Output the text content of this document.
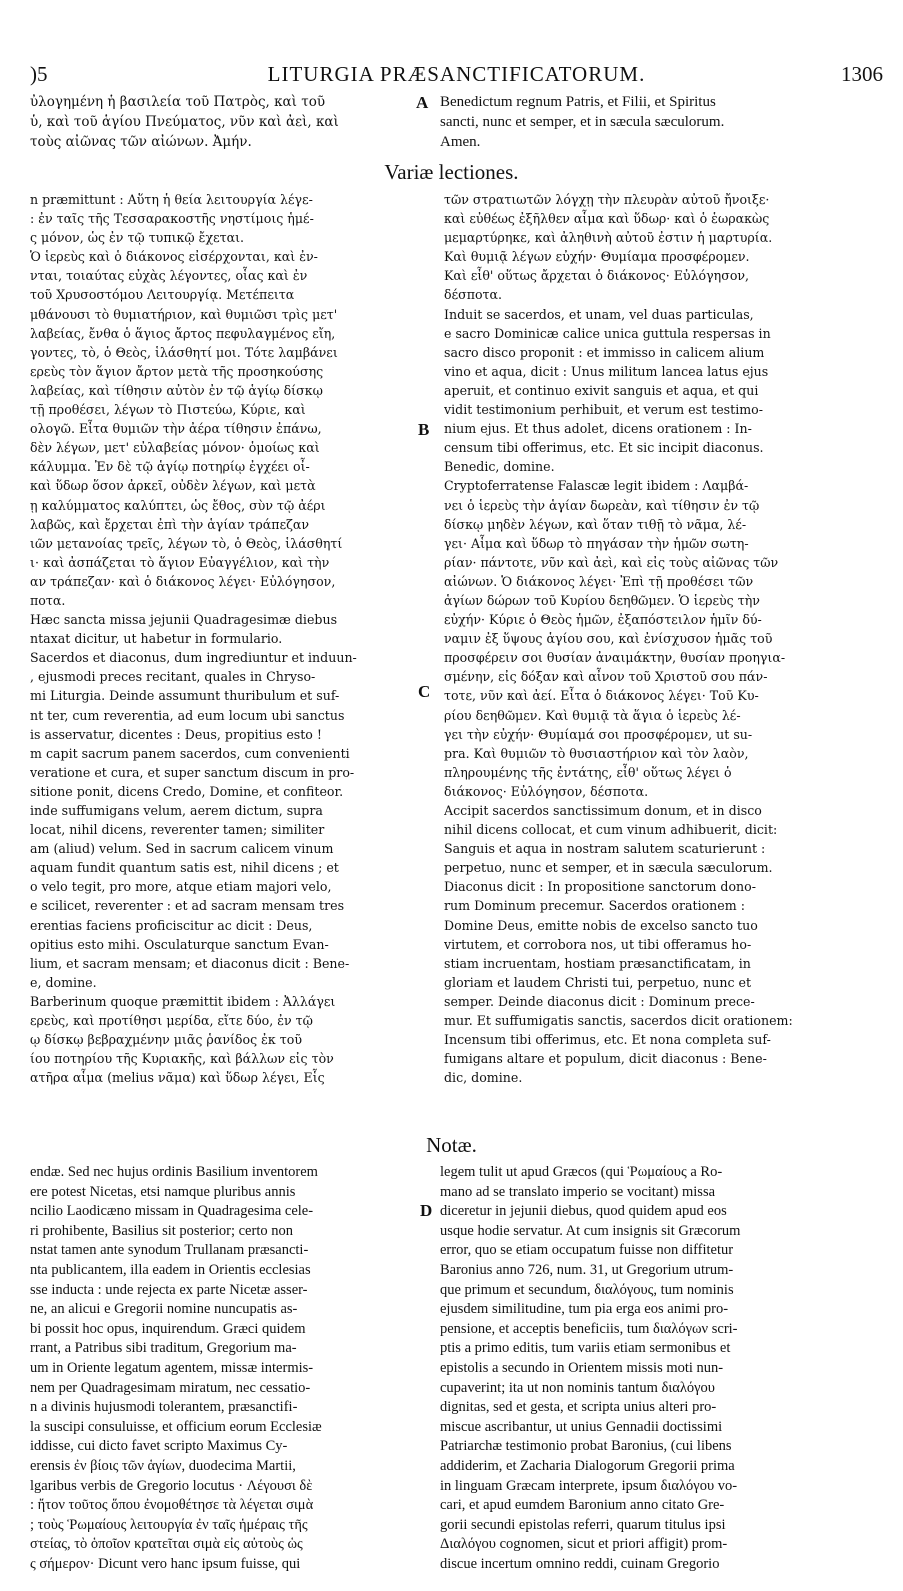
)5	LITURGIA PRÆSANCTIFICATORUM.	1306
ὐλογημένη ἡ βασιλεία τοῦ Πατρὸς, καὶ τοῦ
ὑ, καὶ τοῦ ἁγίου Πνεύματος, νῦν καὶ ἀεὶ, καὶ
τοὺς αἰῶνας τῶν αἰώνων. Ἀμήν.
A Benedictum regnum Patris, et Filii, et Spiritus
sancti, nunc et semper, et in sæcula sæculorum.
Amen.
Variæ lectiones.
n præmittunt : Αὕτη ἡ θεία λειτουργία λέγε-
: ἐν ταῖς τῆς Τεσσαρακοστῆς νηστίμοις ἡμέ-
ς μόνον, ὡς ἐν τῷ τυπικῷ ἔχεται.
Ὁ ἱερεὺς καὶ ὁ διάκονος εἰσέρχονται, καὶ ἐν-
νται, τοιαύτας εὐχὰς λέγοντες, οἷας καὶ ἐν
τοῦ Χρυσοστόμου Λειτουργίᾳ. Μετέπειτα
μθάνουσι τὸ θυμιατήριον, καὶ θυμιῶσι τρὶς μετ'
λαβείας, ἔνθα ὁ ἅγιος ἄρτος πεφυλαγμένος εἴη,
γοντες, τὸ, ὁ Θεὸς, ἱλάσθητί μοι. Τότε λαμβάνει
ερεὺς τὸν ἅγιον ἄρτον μετὰ τῆς προσηκούσης
λαβείας, καὶ τίθησιν αὐτὸν ἐν τῷ ἁγίῳ δίσκῳ
τῇ προθέσει, λέγων τὸ Πιστεύω, Κύριε, καὶ
ολογῶ. Εἶτα θυμιῶν τὴν ἀέρα τίθησιν ἐπάνω,
δὲν λέγων, μετ' εὐλαβείας μόνον· ὁμοίως καὶ
κάλυμμα. Ἐν δὲ τῷ ἁγίῳ ποτηρίῳ ἐγχέει οἶ-
καὶ ὕδωρ ὅσον ἀρκεῖ, οὐδὲν λέγων, καὶ μετὰ
ῃ καλύμματος καλύπτει, ὡς ἔθος, σὺν τῷ ἀέρι
λαβῶς, καὶ ἔρχεται ἐπὶ τὴν ἁγίαν τράπεζαν
ιῶν μετανοίας τρεῖς, λέγων τὸ, ὁ Θεὸς, ἱλάσθητί
ι· καὶ ἀσπάζεται τὸ ἅγιον Εὐαγγέλιον, καὶ τὴν
αν τράπεζαν· καὶ ὁ διάκονος λέγει· Εὐλόγησον,
ποτα.
Hæc sancta missa jejunii Quadragesimæ diebus
ntaxat dicitur, ut habetur in formulario.
Sacerdos et diaconus, dum ingrediuntur et induun-
, ejusmodi preces recitant, quales in Chryso-
mi Liturgia. Deinde assumunt thuribulum et suf-
nt ter, cum reverentia, ad eum locum ubi sanctus
is asservatur, dicentes : Deus, propitius esto !
m capit sacrum panem sacerdos, cum convenienti
veratione et cura, et super sanctum discum in pro-
sitione ponit, dicens Credo, Domine, et confiteor.
inde suffumigans velum, aerem dictum, supra
locat, nihil dicens, reverenter tamen; similiter
am (aliud) velum. Sed in sacrum calicem vinum
aquam fundit quantum satis est, nihil dicens ; et
o velo tegit, pro more, atque etiam majori velo,
e scilicet, reverenter : et ad sacram mensam tres
erentias faciens proficiscitur ac dicit : Deus,
opitius esto mihi. Osculaturque sanctum Evan-
lium, et sacram mensam; et diaconus dicit : Bene-
e, domine.
Barberinum quoque præmittit ibidem : Ἀλλάγει
ερεὺς, καὶ προτίθησι μερίδα, εἴτε δύο, ἐν τῷ
ῳ δίσκῳ βεβραχμένην μιᾶς ῥανίδος ἐκ τοῦ
ίου ποτηρίου τῆς Κυριακῆς, καὶ βάλλων εἰς τὸν
ατῆρα αἷμα (melius νᾶμα) καὶ ὕδωρ λέγει, Εἷς
B
C
τῶν στρατιωτῶν λόγχῃ τὴν πλευρὰν αὐτοῦ ἤνοιξε·
καὶ εὐθέως ἐξῆλθεν αἷμα καὶ ὕδωρ· καὶ ὁ ἑωρακὼς
μεμαρτύρηκε, καὶ ἀληθινὴ αὐτοῦ ἐστιν ἡ μαρτυρία.
Καὶ θυμιᾷ λέγων εὐχήν· Θυμίαμα προσφέρομεν.
Καὶ εἶθ' οὕτως ἄρχεται ὁ διάκονος· Εὐλόγησον,
δέσποτα.
Induit se sacerdos, et unam, vel duas particulas,
e sacro Dominicæ calice unica guttula respersas in
sacro disco proponit : et immisso in calicem alium
vino et aqua, dicit : Unus militum lancea latus ejus
aperuit, et continuo exivit sanguis et aqua, et qui
vidit testimonium perhibuit, et verum est testimo-
nium ejus. Et thus adolet, dicens orationem : In-
censum tibi offerimus, etc. Et sic incipit diaconus.
Benedic, domine.
Cryptoferratense Falascæ legit ibidem : Λαμβά-
νει ὁ ἱερεὺς τὴν ἁγίαν δωρεὰν, καὶ τίθησιν ἐν τῷ
δίσκῳ μηδὲν λέγων, καὶ ὅταν τιθῇ τὸ νᾶμα, λέ-
γει· Αἷμα καὶ ὕδωρ τὸ πηγάσαν τὴν ἡμῶν σωτη-
ρίαν· πάντοτε, νῦν καὶ ἀεὶ, καὶ εἰς τοὺς αἰῶνας τῶν
αἰώνων. Ὁ διάκονος λέγει· Ἐπὶ τῇ προθέσει τῶν
ἁγίων δώρων τοῦ Κυρίου δεηθῶμεν. Ὁ ἱερεὺς τὴν
εὐχήν· Κύριε ὁ Θεὸς ἡμῶν, ἐξαπόστειλον ἡμῖν δύ-
ναμιν ἐξ ὕψους ἁγίου σου, καὶ ἐνίσχυσον ἡμᾶς τοῦ
προσφέρειν σοι θυσίαν ἀναιμάκτην, θυσίαν προηγια-
σμένην, εἰς δόξαν καὶ αἶνον τοῦ Χριστοῦ σου πάν-
τοτε, νῦν καὶ ἀεί. Εἶτα ὁ διάκονος λέγει· Τοῦ Κυ-
ρίου δεηθῶμεν. Καὶ θυμιᾷ τὰ ἅγια ὁ ἱερεὺς λέ-
γει τὴν εὐχήν· Θυμίαμά σοι προσφέρομεν, ut su-
pra. Καὶ θυμιῶν τὸ θυσιαστήριον καὶ τὸν λαὸν,
πληρουμένης τῆς ἐντάτης, εἶθ' οὕτως λέγει ὁ
διάκονος· Εὐλόγησον, δέσποτα.
Accipit sacerdos sanctissimum donum, et in disco
nihil dicens collocat, et cum vinum adhibuerit, dicit:
Sanguis et aqua in nostram salutem scaturierunt :
perpetuo, nunc et semper, et in sæcula sæculorum.
Diaconus dicit : In propositione sanctorum dono-
rum Dominum precemur. Sacerdos orationem :
Domine Deus, emitte nobis de excelso sancto tuo
virtutem, et corrobora nos, ut tibi offeramus ho-
stiam incruentam, hostiam præsanctificatam, in
gloriam et laudem Christi tui, perpetuo, nunc et
semper. Deinde diaconus dicit : Dominum prece-
mur. Et suffumigatis sanctis, sacerdos dicit orationem:
Incensum tibi offerimus, etc. Et nona completa suf-
fumigans altare et populum, dicit diaconus : Bene-
dic, domine.
Notæ.
endæ. Sed nec hujus ordinis Basilium inventorem
ere potest Nicetas, etsi namque pluribus annis
ncilio Laodicæno missam in Quadragesima cele-
ri prohibente, Basilius sit posterior; certo non
nstat tamen ante synodum Trullanam præsancti-
nta publicantem, illa eadem in Orientis ecclesias
sse inducta : unde rejecta ex parte Nicetæ asser-
ne, an alicui e Gregorii nomine nuncupatis as-
bi possit hoc opus, inquirendum. Græci quidem
rrant, a Patribus sibi traditum, Gregorium ma-
um in Oriente legatum agentem, missæ intermis-
nem per Quadragesimam miratum, nec cessatio-
n a divinis hujusmodi tolerantem, præsanctifi-
la suscipi consuluisse, et officium eorum Ecclesiæ
iddisse, cui dicto favet scripto Maximus Cy-
erensis ἐν βίοις τῶν ἁγίων, duodecima Martii,
lgaribus verbis de Gregorio locutus · Λέγουσι δὲ
: ἤτον τοῦτος ὅπου ἐνομοθέτησε τὰ λέγεται σιμὰ
; τοὺς Ῥωμαίους λειτουργία ἐν ταῖς ἡμέραις τῆς
στείας, τὸ ὁποῖον κρατεῖται σιμὰ εἰς αὐτοὺς ὡς
ς σήμερον· Dicunt vero hanc ipsum fuisse, qui
D
legem tulit ut apud Græcos (qui Ῥωμαίους a Ro-
mano ad se translato imperio se vocitant) missa
diceretur in jejunii diebus, quod quidem apud eos
usque hodie servatur. At cum insignis sit Græcorum
error, quo se etiam occupatum fuisse non diffitetur
Baronius anno 726, num. 31, ut Gregorium utrum-
que primum et secundum, διαλόγους, tum nominis
ejusdem similitudine, tum pia erga eos animi pro-
pensione, et acceptis beneficiis, tum διαλόγων scri-
ptis a primo editis, tum variis etiam sermonibus et
epistolis a secundo in Orientem missis moti nun-
cupaverint; ita ut non nominis tantum διαλόγου
dignitas, sed et gesta, et scripta unius alteri pro-
miscue ascribantur, ut unius Gennadii doctissimi
Patriarchæ testimonio probat Baronius, (cui libens
addiderim, et Zacharia Dialogorum Gregorii prima
in linguam Græcam interprete, ipsum διαλόγου vo-
cari, et apud eumdem Baronium anno citato Gre-
gorii secundi epistolas referri, quarum titulus ipsi
Διαλόγου cognomen, sicut et priori affigit) prom-
discue incertum omnino reddi, cuinam Gregorio
